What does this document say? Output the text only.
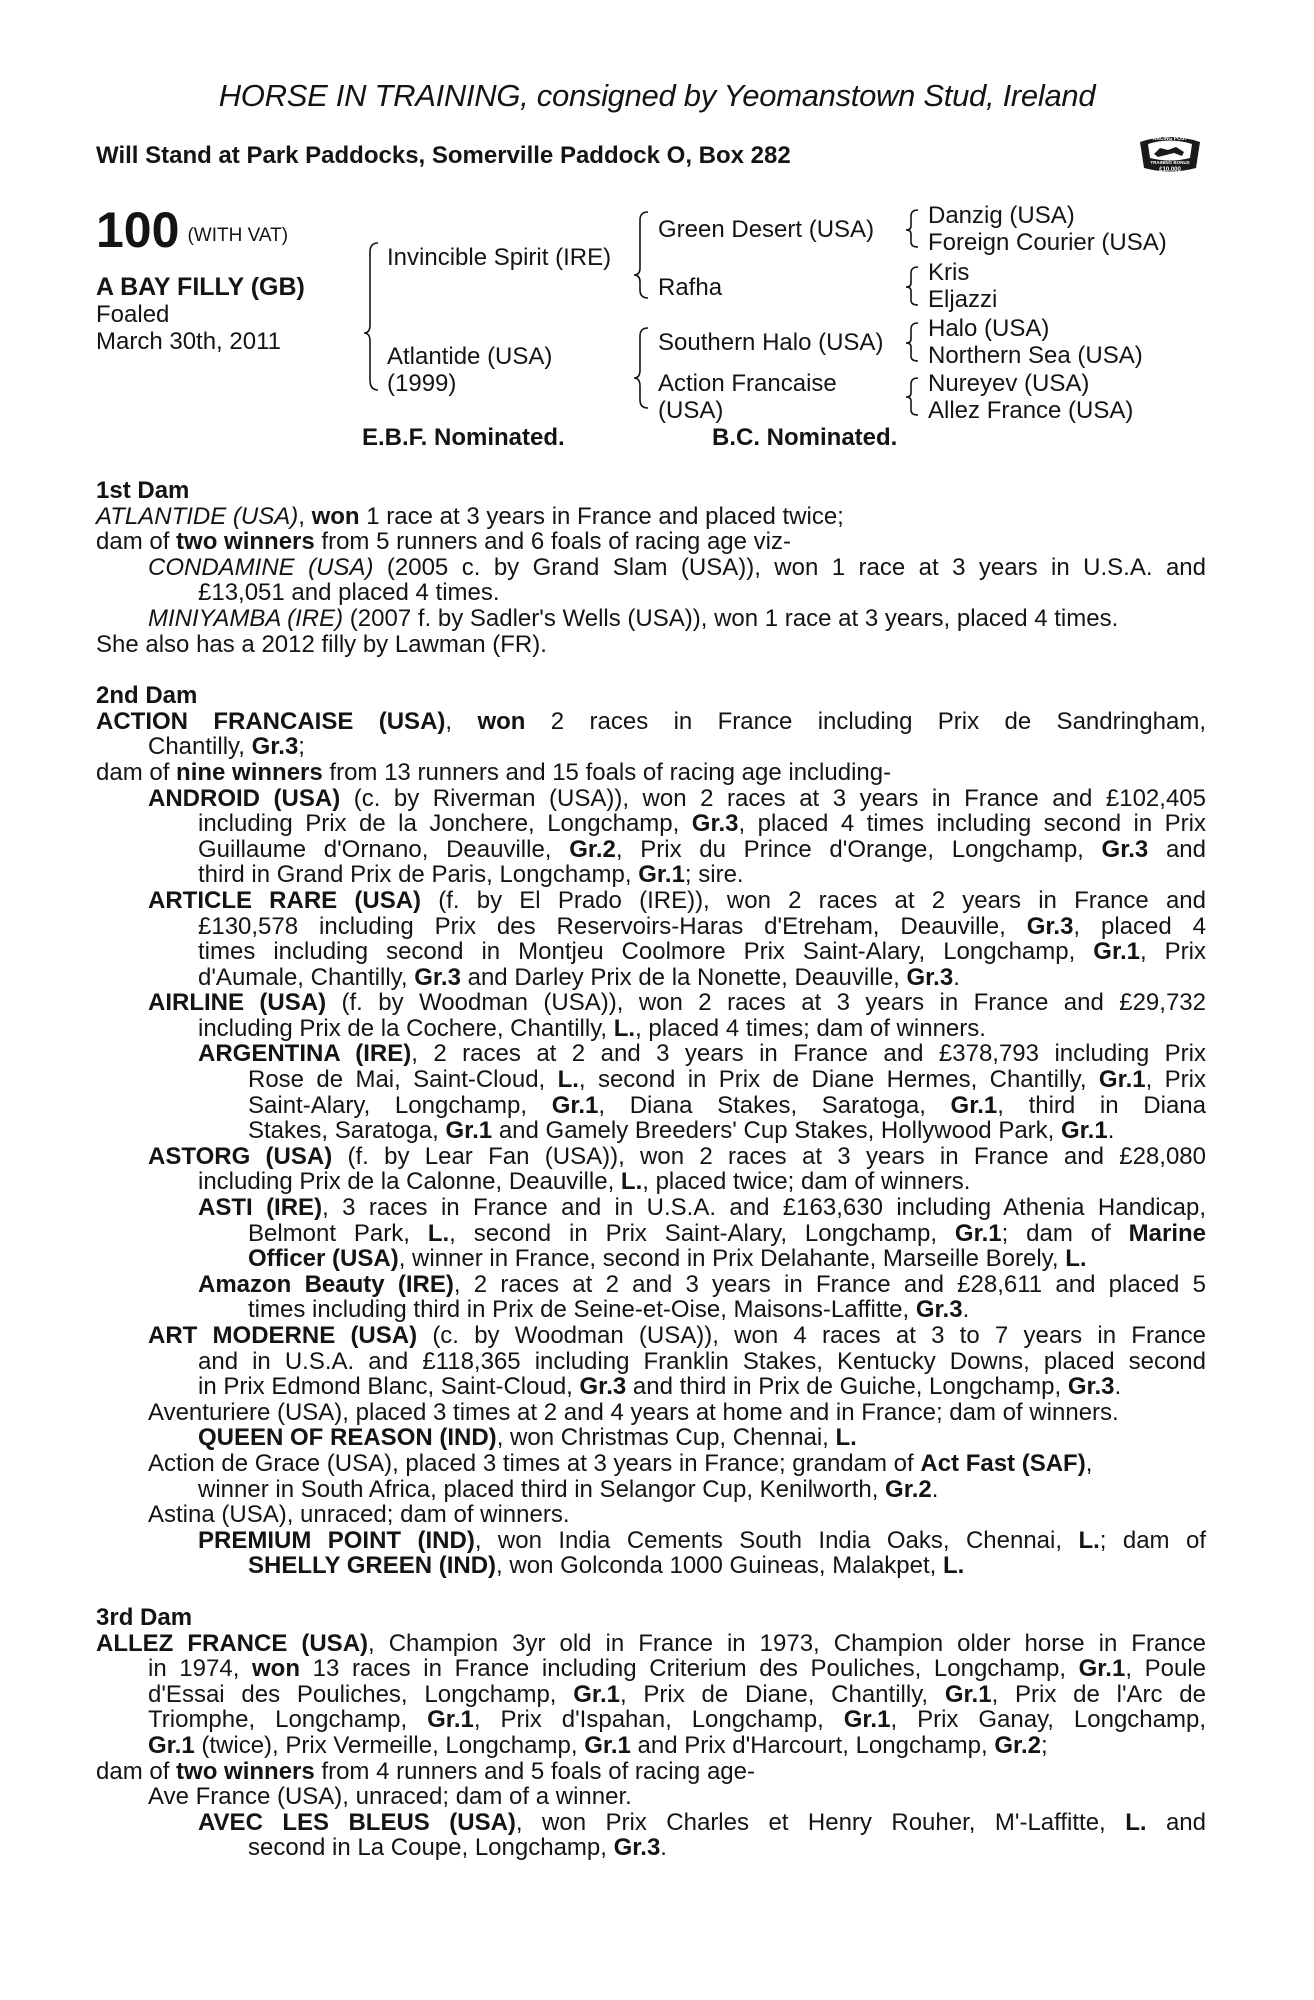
HORSE IN TRAINING, consigned by Yeomanstown Stud, Ireland
Will Stand at Park Paddocks, Somerville Paddock O, Box 282
RACING POST
TRAINING BONUS
£10,000
100 (WITH VAT)
A BAY FILLY (GB)
Foaled
March 30th, 2011
Invincible Spirit (IRE)
Atlantide (USA)
(1999)
Green Desert (USA)
Rafha
Southern Halo (USA)
Action Francaise
(USA)
Danzig (USA)
Foreign Courier (USA)
Kris
Eljazzi
Halo (USA)
Northern Sea (USA)
Nureyev (USA)
Allez France (USA)
E.B.F. Nominated.	B.C. Nominated.
1st Dam
ATLANTIDE (USA), won 1 race at 3 years in France and placed twice;
dam of two winners from 5 runners and 6 foals of racing age viz-
CONDAMINE (USA) (2005 c. by Grand Slam (USA)), won 1 race at 3 years in U.S.A. and
£13,051 and placed 4 times.
MINIYAMBA (IRE) (2007 f. by Sadler's Wells (USA)), won 1 race at 3 years, placed 4 times.
She also has a 2012 filly by Lawman (FR).
2nd Dam
ACTION FRANCAISE (USA), won 2 races in France including Prix de Sandringham,
Chantilly, Gr.3;
dam of nine winners from 13 runners and 15 foals of racing age including-
ANDROID (USA) (c. by Riverman (USA)), won 2 races at 3 years in France and £102,405
including Prix de la Jonchere, Longchamp, Gr.3, placed 4 times including second in Prix
Guillaume d'Ornano, Deauville, Gr.2, Prix du Prince d'Orange, Longchamp, Gr.3 and
third in Grand Prix de Paris, Longchamp, Gr.1; sire.
ARTICLE RARE (USA) (f. by El Prado (IRE)), won 2 races at 2 years in France and
£130,578 including Prix des Reservoirs-Haras d'Etreham, Deauville, Gr.3, placed 4
times including second in Montjeu Coolmore Prix Saint-Alary, Longchamp, Gr.1, Prix
d'Aumale, Chantilly, Gr.3 and Darley Prix de la Nonette, Deauville, Gr.3.
AIRLINE (USA) (f. by Woodman (USA)), won 2 races at 3 years in France and £29,732
including Prix de la Cochere, Chantilly, L., placed 4 times; dam of winners.
ARGENTINA (IRE), 2 races at 2 and 3 years in France and £378,793 including Prix
Rose de Mai, Saint-Cloud, L., second in Prix de Diane Hermes, Chantilly, Gr.1, Prix
Saint-Alary, Longchamp, Gr.1, Diana Stakes, Saratoga, Gr.1, third in Diana
Stakes, Saratoga, Gr.1 and Gamely Breeders' Cup Stakes, Hollywood Park, Gr.1.
ASTORG (USA) (f. by Lear Fan (USA)), won 2 races at 3 years in France and £28,080
including Prix de la Calonne, Deauville, L., placed twice; dam of winners.
ASTI (IRE), 3 races in France and in U.S.A. and £163,630 including Athenia Handicap,
Belmont Park, L., second in Prix Saint-Alary, Longchamp, Gr.1; dam of Marine
Officer (USA), winner in France, second in Prix Delahante, Marseille Borely, L.
Amazon Beauty (IRE), 2 races at 2 and 3 years in France and £28,611 and placed 5
times including third in Prix de Seine-et-Oise, Maisons-Laffitte, Gr.3.
ART MODERNE (USA) (c. by Woodman (USA)), won 4 races at 3 to 7 years in France
and in U.S.A. and £118,365 including Franklin Stakes, Kentucky Downs, placed second
in Prix Edmond Blanc, Saint-Cloud, Gr.3 and third in Prix de Guiche, Longchamp, Gr.3.
Aventuriere (USA), placed 3 times at 2 and 4 years at home and in France; dam of winners.
QUEEN OF REASON (IND), won Christmas Cup, Chennai, L.
Action de Grace (USA), placed 3 times at 3 years in France; grandam of Act Fast (SAF),
winner in South Africa, placed third in Selangor Cup, Kenilworth, Gr.2.
Astina (USA), unraced; dam of winners.
PREMIUM POINT (IND), won India Cements South India Oaks, Chennai, L.; dam of
SHELLY GREEN (IND), won Golconda 1000 Guineas, Malakpet, L.
3rd Dam
ALLEZ FRANCE (USA), Champion 3yr old in France in 1973, Champion older horse in France
in 1974, won 13 races in France including Criterium des Pouliches, Longchamp, Gr.1, Poule
d'Essai des Pouliches, Longchamp, Gr.1, Prix de Diane, Chantilly, Gr.1, Prix de l'Arc de
Triomphe, Longchamp, Gr.1, Prix d'Ispahan, Longchamp, Gr.1, Prix Ganay, Longchamp,
Gr.1 (twice), Prix Vermeille, Longchamp, Gr.1 and Prix d'Harcourt, Longchamp, Gr.2;
dam of two winners from 4 runners and 5 foals of racing age-
Ave France (USA), unraced; dam of a winner.
AVEC LES BLEUS (USA), won Prix Charles et Henry Rouher, M'-Laffitte, L. and
second in La Coupe, Longchamp, Gr.3.
